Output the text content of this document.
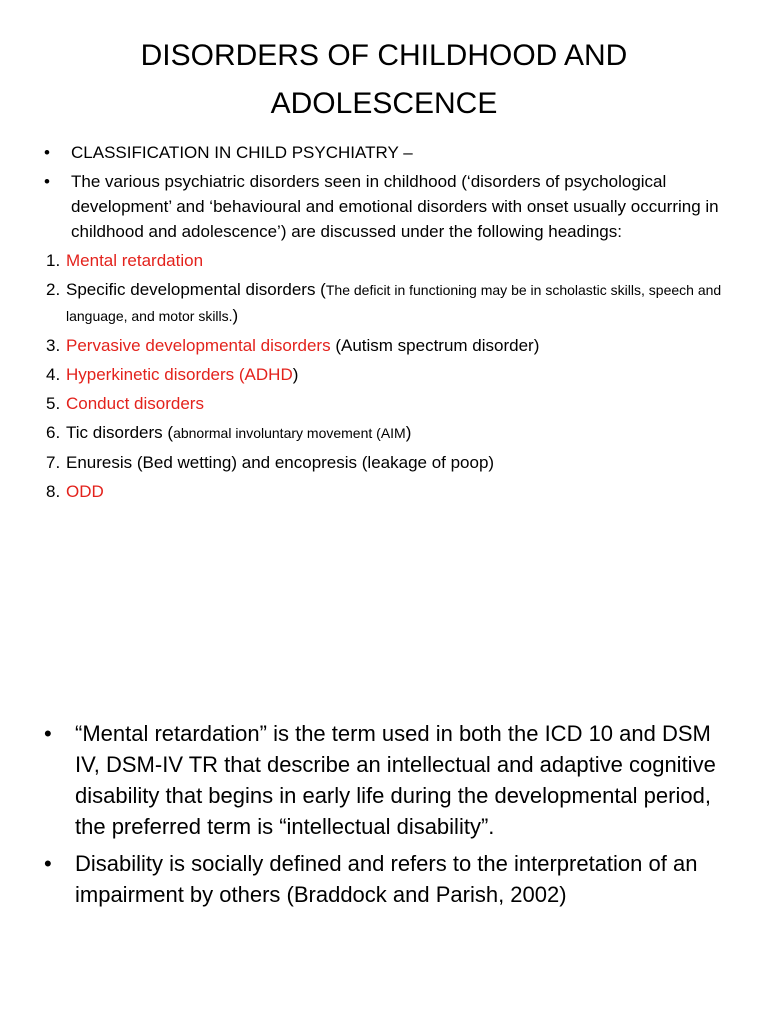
DISORDERS OF CHILDHOOD AND
ADOLESCENCE
• CLASSIFICATION IN CHILD PSYCHIATRY –
• The various psychiatric disorders seen in childhood (‘disorders of psychological development’ and ‘behavioural and emotional disorders with onset usually occurring in childhood and adolescence’) are discussed under the following headings:
1. Mental retardation
2. Specific developmental disorders (The deficit in functioning may be in scholastic skills, speech and language, and motor skills.)
3. Pervasive developmental disorders (Autism spectrum disorder)
4. Hyperkinetic disorders (ADHD)
5. Conduct disorders
6. Tic disorders (abnormal involuntary movement (AIM)
7. Enuresis (Bed wetting) and encopresis (leakage of poop)
8. ODD
• “Mental retardation” is the term used in both the ICD 10 and DSM IV, DSM-IV TR that describe an intellectual and adaptive cognitive disability that begins in early life during the developmental period, the preferred term is “intellectual disability”.
• Disability is socially defined and refers to the interpretation of an impairment by others (Braddock and Parish, 2002)
